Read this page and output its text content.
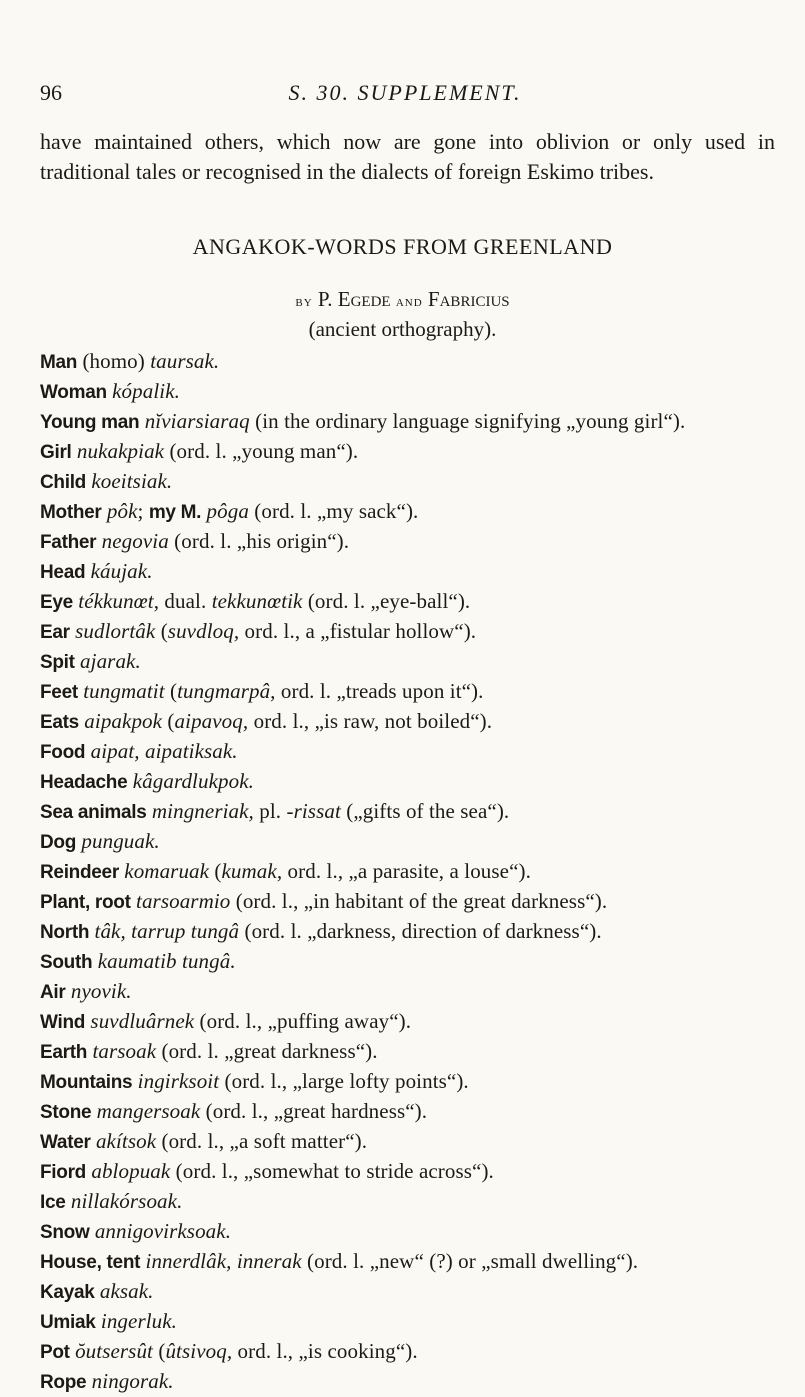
96	S. 30. SUPPLEMENT.

have maintained others, which now are gone into oblivion or only used in traditional tales or recognised in the dialects of foreign Eskimo tribes.

ANGAKOK-WORDS FROM GREENLAND
by P. Egede and Fabricius
(ancient orthography).
Man (homo) taursak.
Woman kópalik.
Young man nĭviarsiaraq (in the ordinary language signifying „young girl“).
Girl nukakpiak (ord. l. „young man“).
Child koeitsiak.
Mother pôk; my M. pôga (ord. l. „my sack“).
Father negovia (ord. l. „his origin“).
Head káujak.
Eye tékkunœt, dual. tekkunœtik (ord. l. „eye-ball“).
Ear sudlortâk (suvdloq, ord. l., a „fistular hollow“).
Spit ajarak.
Feet tungmatit (tungmarpâ, ord. l. „treads upon it“).
Eats aipakpok (aipavoq, ord. l., „is raw, not boiled“).
Food aipat, aipatiksak.
Headache kâgardlukpok.
Sea animals mingneriak, pl. -rissat („gifts of the sea“).
Dog punguak.
Reindeer komaruak (kumak, ord. l., „a parasite, a louse“).
Plant, root tarsoarmio (ord. l., „in habitant of the great darkness“).
North tâk, tarrup tungâ (ord. l. „darkness, direction of darkness“).
South kaumatib tungâ.
Air nyovik.
Wind suvdluârnek (ord. l., „puffing away“).
Earth tarsoak (ord. l. „great darkness“).
Mountains ingirksoit (ord. l., „large lofty points“).
Stone mangersoak (ord. l., „great hardness“).
Water akítsok (ord. l., „a soft matter“).
Fiord ablориak (ord. l., „somewhat to stride across“).
Ice nillakórsoak.
Snow annigovirksoak.
House, tent innerdlâk, innerak (ord. l. „new“ (?) or „small dwelling“).
Kayak aksak.
Umiak ingerluk.
Pot ŏutsersût (ûtsivoq, ord. l., „is cooking“).
Rope ningorak.
